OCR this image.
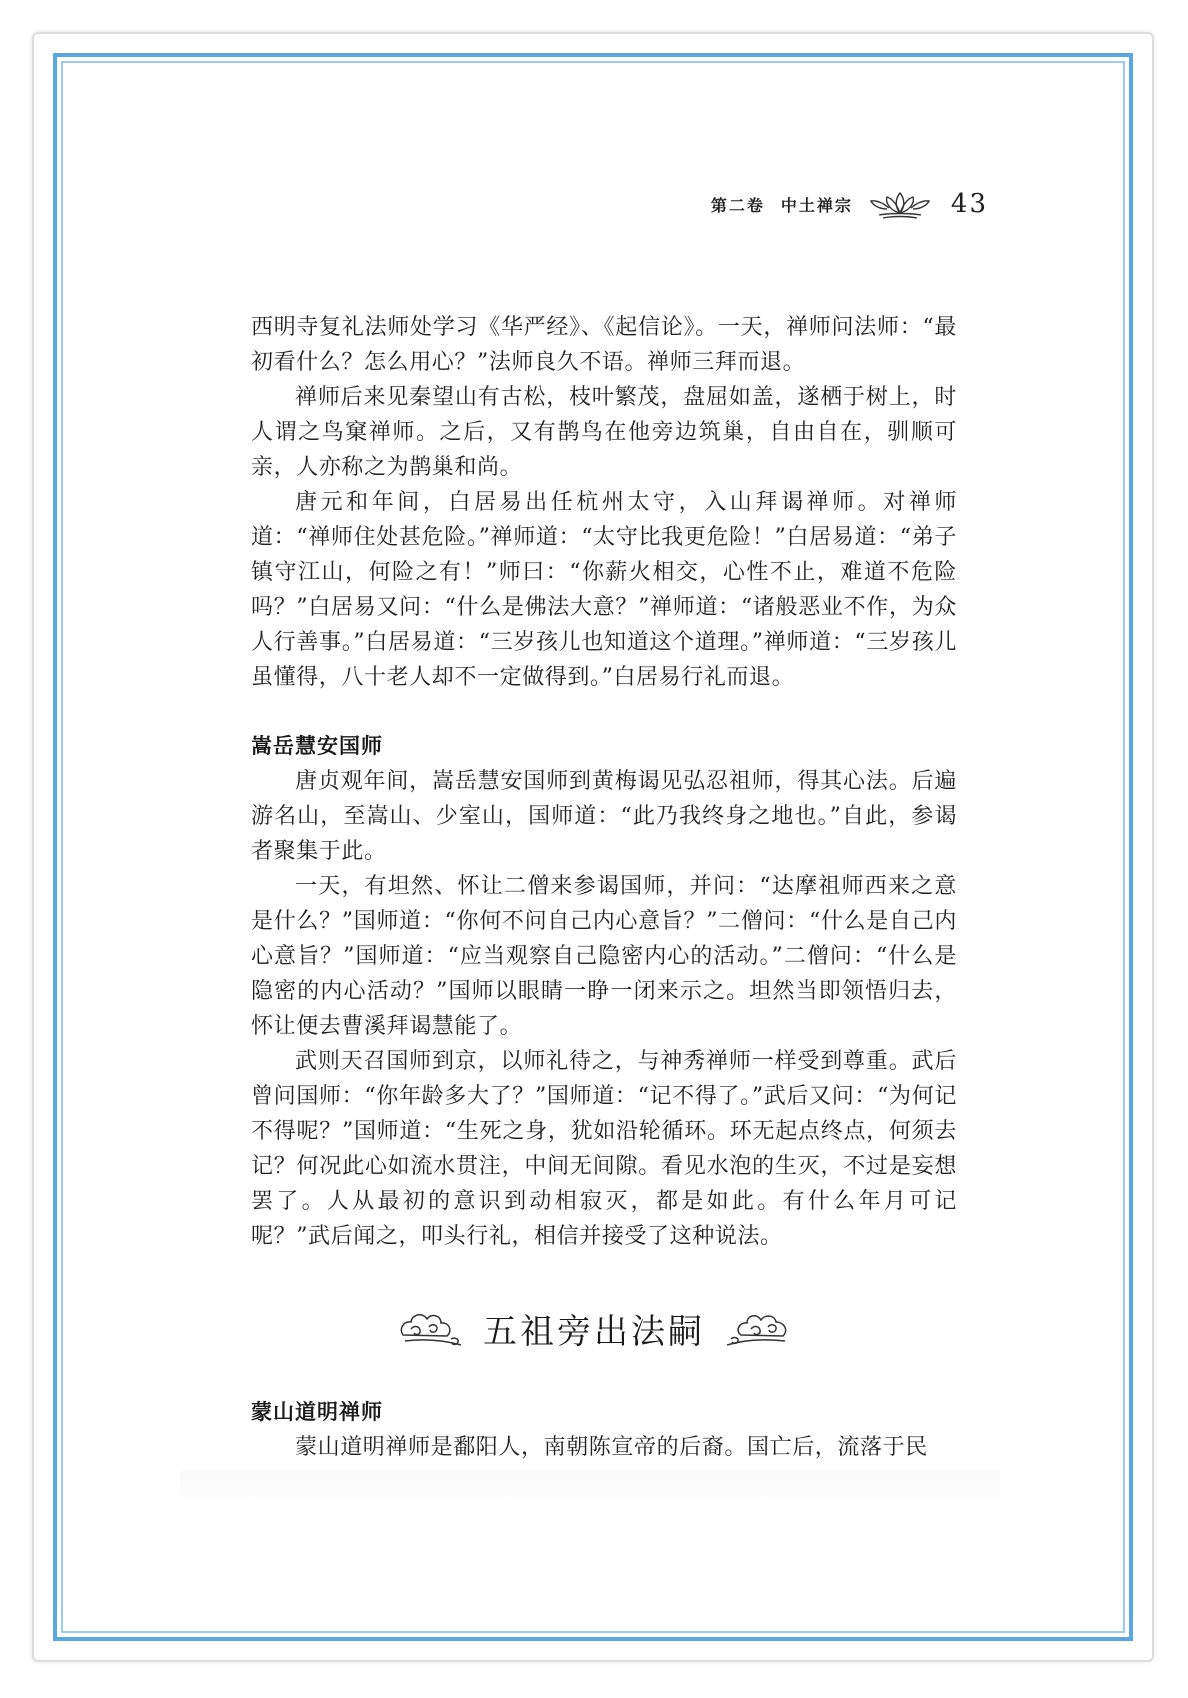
第二卷 中土禅宗	43

西明寺复礼法师处学习《华严经》、《起信论》。一天，禅师问法师：“最初看什么？怎么用心？”法师良久不语。禅师三拜而退。

禅师后来见秦望山有古松，枝叶繁茂，盘屈如盖，遂栖于树上，时人谓之鸟窠禅师。之后，又有鹊鸟在他旁边筑巢，自由自在，驯顺可亲，人亦称之为鹊巢和尚。

唐元和年间，白居易出任杭州太守，入山拜谒禅师。对禅师道：“禅师住处甚危险。”禅师道：“太守比我更危险！”白居易道：“弟子镇守江山，何险之有！”师曰：“你薪火相交，心性不止，难道不危险吗？”白居易又问：“什么是佛法大意？”禅师道：“诸般恶业不作，为众人行善事。”白居易道：“三岁孩儿也知道这个道理。”禅师道：“三岁孩儿虽懂得，八十老人却不一定做得到。”白居易行礼而退。

嵩岳慧安国师

唐贞观年间，嵩岳慧安国师到黄梅谒见弘忍祖师，得其心法。后遍游名山，至嵩山、少室山，国师道：“此乃我终身之地也。”自此，参谒者聚集于此。

一天，有坦然、怀让二僧来参谒国师，并问：“达摩祖师西来之意是什么？”国师道：“你何不问自己内心意旨？”二僧问：“什么是自己内心意旨？”国师道：“应当观察自己隐密内心的活动。”二僧问：“什么是隐密的内心活动？”国师以眼睛一睁一闭来示之。坦然当即领悟归去，怀让便去曹溪拜谒慧能了。

武则天召国师到京，以师礼待之，与神秀禅师一样受到尊重。武后曾问国师：“你年龄多大了？”国师道：“记不得了。”武后又问：“为何记不得呢？”国师道：“生死之身，犹如沿轮循环。环无起点终点，何须去记？何况此心如流水贯注，中间无间隙。看见水泡的生灭，不过是妄想罢了。人从最初的意识到动相寂灭，都是如此。有什么年月可记呢？”武后闻之，叩头行礼，相信并接受了这种说法。

五祖旁出法嗣
蒙山道明禅师

蒙山道明禅师是鄱阳人，南朝陈宣帝的后裔。国亡后，流落于民
